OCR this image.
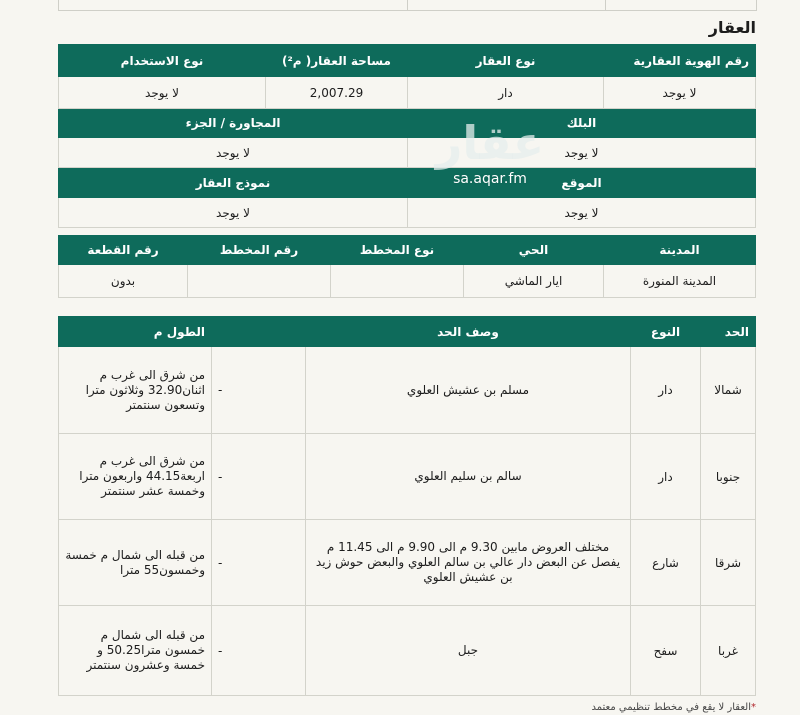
العقار
رقم الهوية العقارية	نوع العقار	مساحة العقار( م²)	نوع الاستخدام
لا يوجد	دار	2,007.29	لا يوجد
البلك		المجاورة / الجزء	
لا يوجد		لا يوجد	
الموقع		نموذج العقار	
لا يوجد		لا يوجد	
المدينة	الحي	نوع المخطط	رقم المخطط	رقم القطعة
المدينة المنورة	ايار الماشي			بدون
الحد	النوع	وصف الحد		الطول م
شمالا	دار	مسلم بن عشيش العلوي	-	من شرق الى غرب م اثنان32.90 وثلاثون مترا وتسعون سنتمتر
جنوبا	دار	سالم بن سليم العلوي	-	من شرق الى غرب م اربعة44.15 واربعون مترا وخمسة عشر سنتمتر
شرقا	شارع	مختلف العروض مابين 9.30 م الى 9.90 م الى 11.45 م يفصل عن البعض دار عالي بن سالم العلوي والبعض حوش زيد بن عشيش العلوي	-	من قبله الى شمال م خمسة وخمسون55 مترا
غربا	سفح	جبل	-	من قبله الى شمال م خمسون مترا50.25 و خمسة وعشرون سنتمتر
عقار
sa.aqar.fm
*العقار لا يقع في مخطط تنظيمي معتمد
